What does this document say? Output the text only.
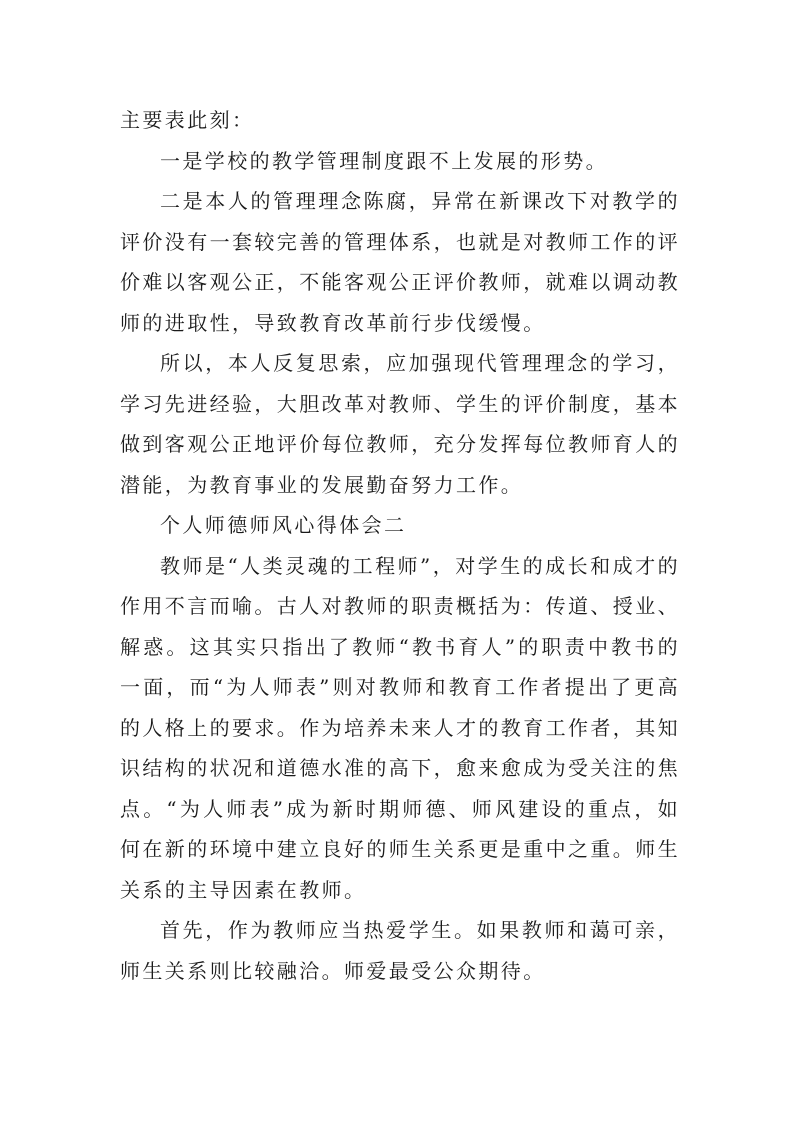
主要表此刻：

一是学校的教学管理制度跟不上发展的形势。

二是本人的管理理念陈腐，异常在新课改下对教学的评价没有一套较完善的管理体系，也就是对教师工作的评价难以客观公正，不能客观公正评价教师，就难以调动教师的进取性，导致教育改革前行步伐缓慢。

所以，本人反复思索，应加强现代管理理念的学习，学习先进经验，大胆改革对教师、学生的评价制度，基本做到客观公正地评价每位教师，充分发挥每位教师育人的潜能，为教育事业的发展勤奋努力工作。

个人师德师风心得体会二

教师是“人类灵魂的工程师”，对学生的成长和成才的作用不言而喻。古人对教师的职责概括为：传道、授业、解惑。这其实只指出了教师“教书育人”的职责中教书的一面，而“为人师表”则对教师和教育工作者提出了更高的人格上的要求。作为培养未来人才的教育工作者，其知识结构的状况和道德水准的高下，愈来愈成为受关注的焦点。“为人师表”成为新时期师德、师风建设的重点，如何在新的环境中建立良好的师生关系更是重中之重。师生关系的主导因素在教师。

首先，作为教师应当热爱学生。如果教师和蔼可亲，师生关系则比较融洽。师爱最受公众期待。
